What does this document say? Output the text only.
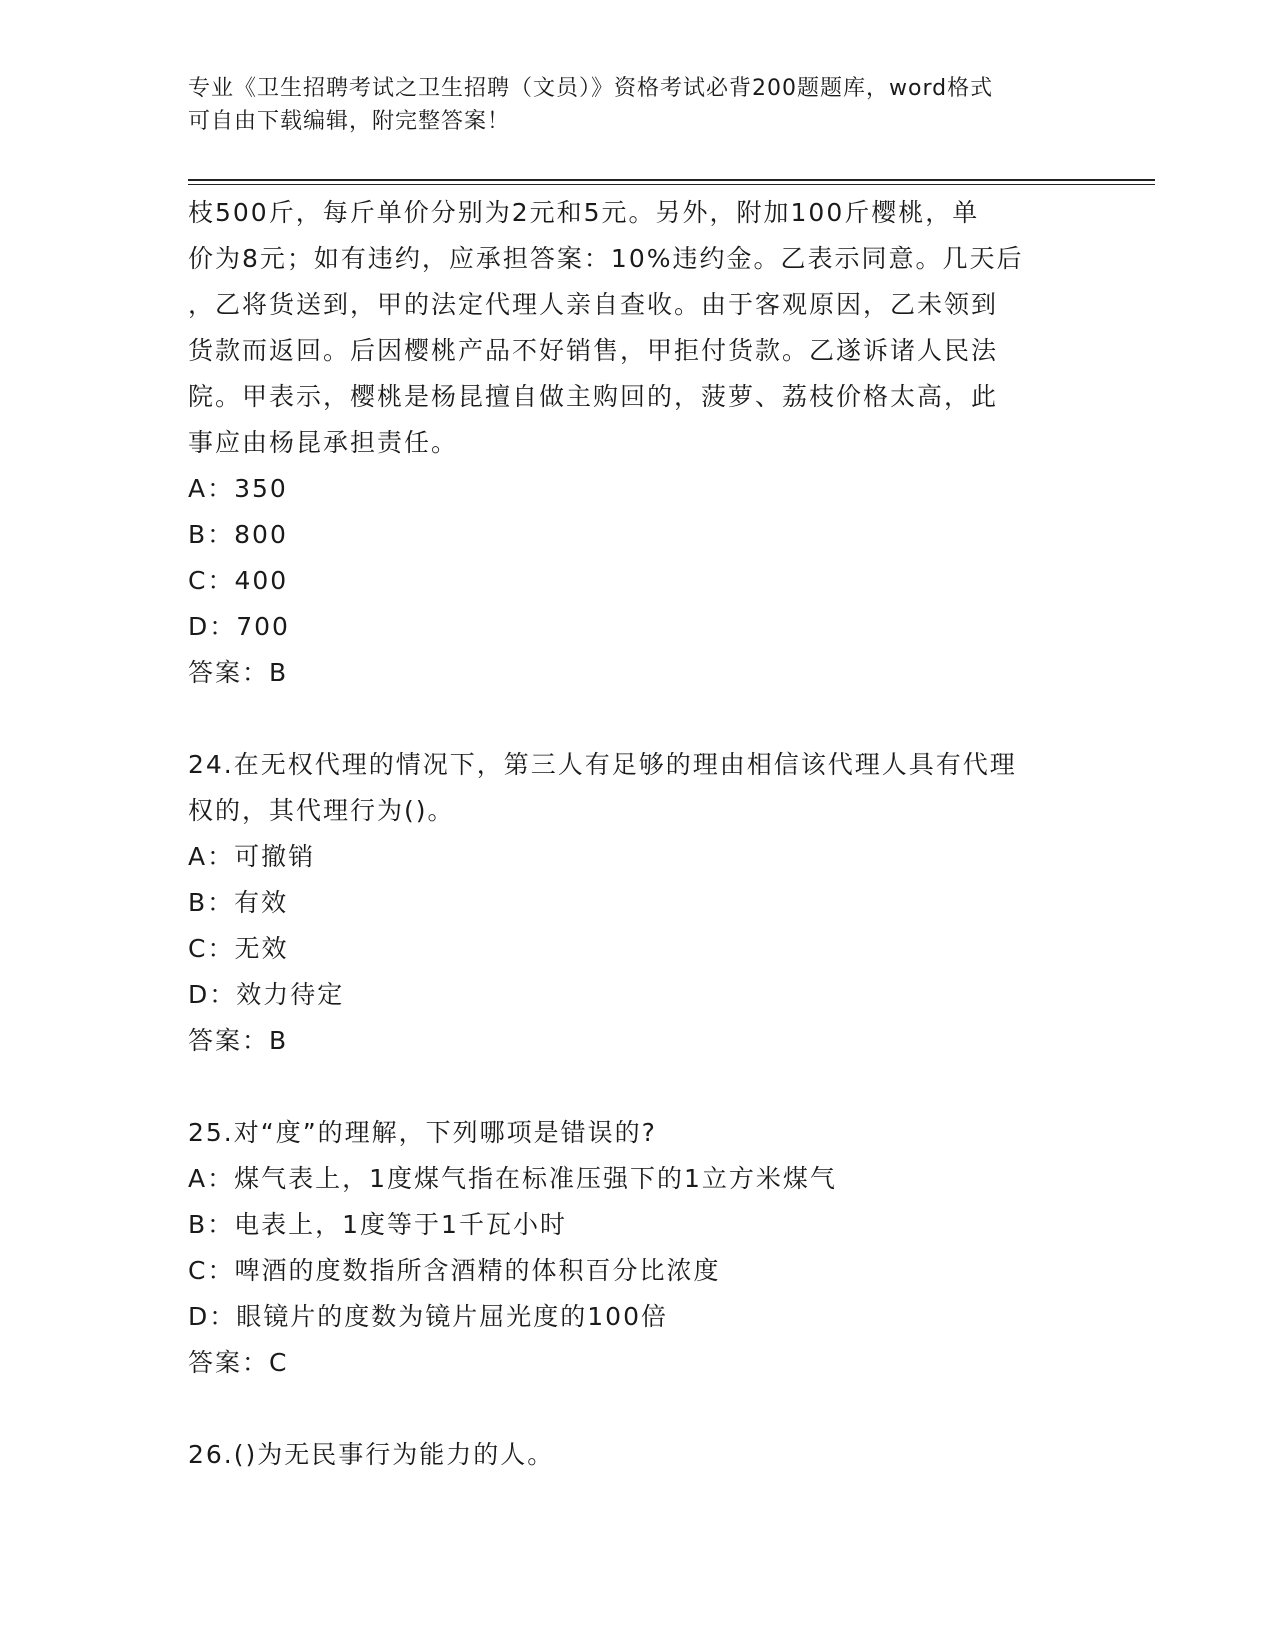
专业《卫生招聘考试之卫生招聘（文员）》资格考试必背200题题库，word格式
可自由下载编辑，附完整答案！
枝500斤，每斤单价分别为2元和5元。另外，附加100斤樱桃，单
价为8元；如有违约，应承担答案：10%违约金。乙表示同意。几天后
，乙将货送到，甲的法定代理人亲自查收。由于客观原因，乙未领到
货款而返回。后因樱桃产品不好销售，甲拒付货款。乙遂诉诸人民法
院。甲表示，樱桃是杨昆擅自做主购回的，菠萝、荔枝价格太高，此
事应由杨昆承担责任。
A：350
B：800
C：400
D：700
答案：B
24.在无权代理的情况下，第三人有足够的理由相信该代理人具有代理
权的，其代理行为()。
A：可撤销
B：有效
C：无效
D：效力待定
答案：B
25.对“度”的理解，下列哪项是错误的?
A：煤气表上，1度煤气指在标准压强下的1立方米煤气
B：电表上，1度等于1千瓦小时
C：啤酒的度数指所含酒精的体积百分比浓度
D：眼镜片的度数为镜片屈光度的100倍
答案：C
26.()为无民事行为能力的人。
